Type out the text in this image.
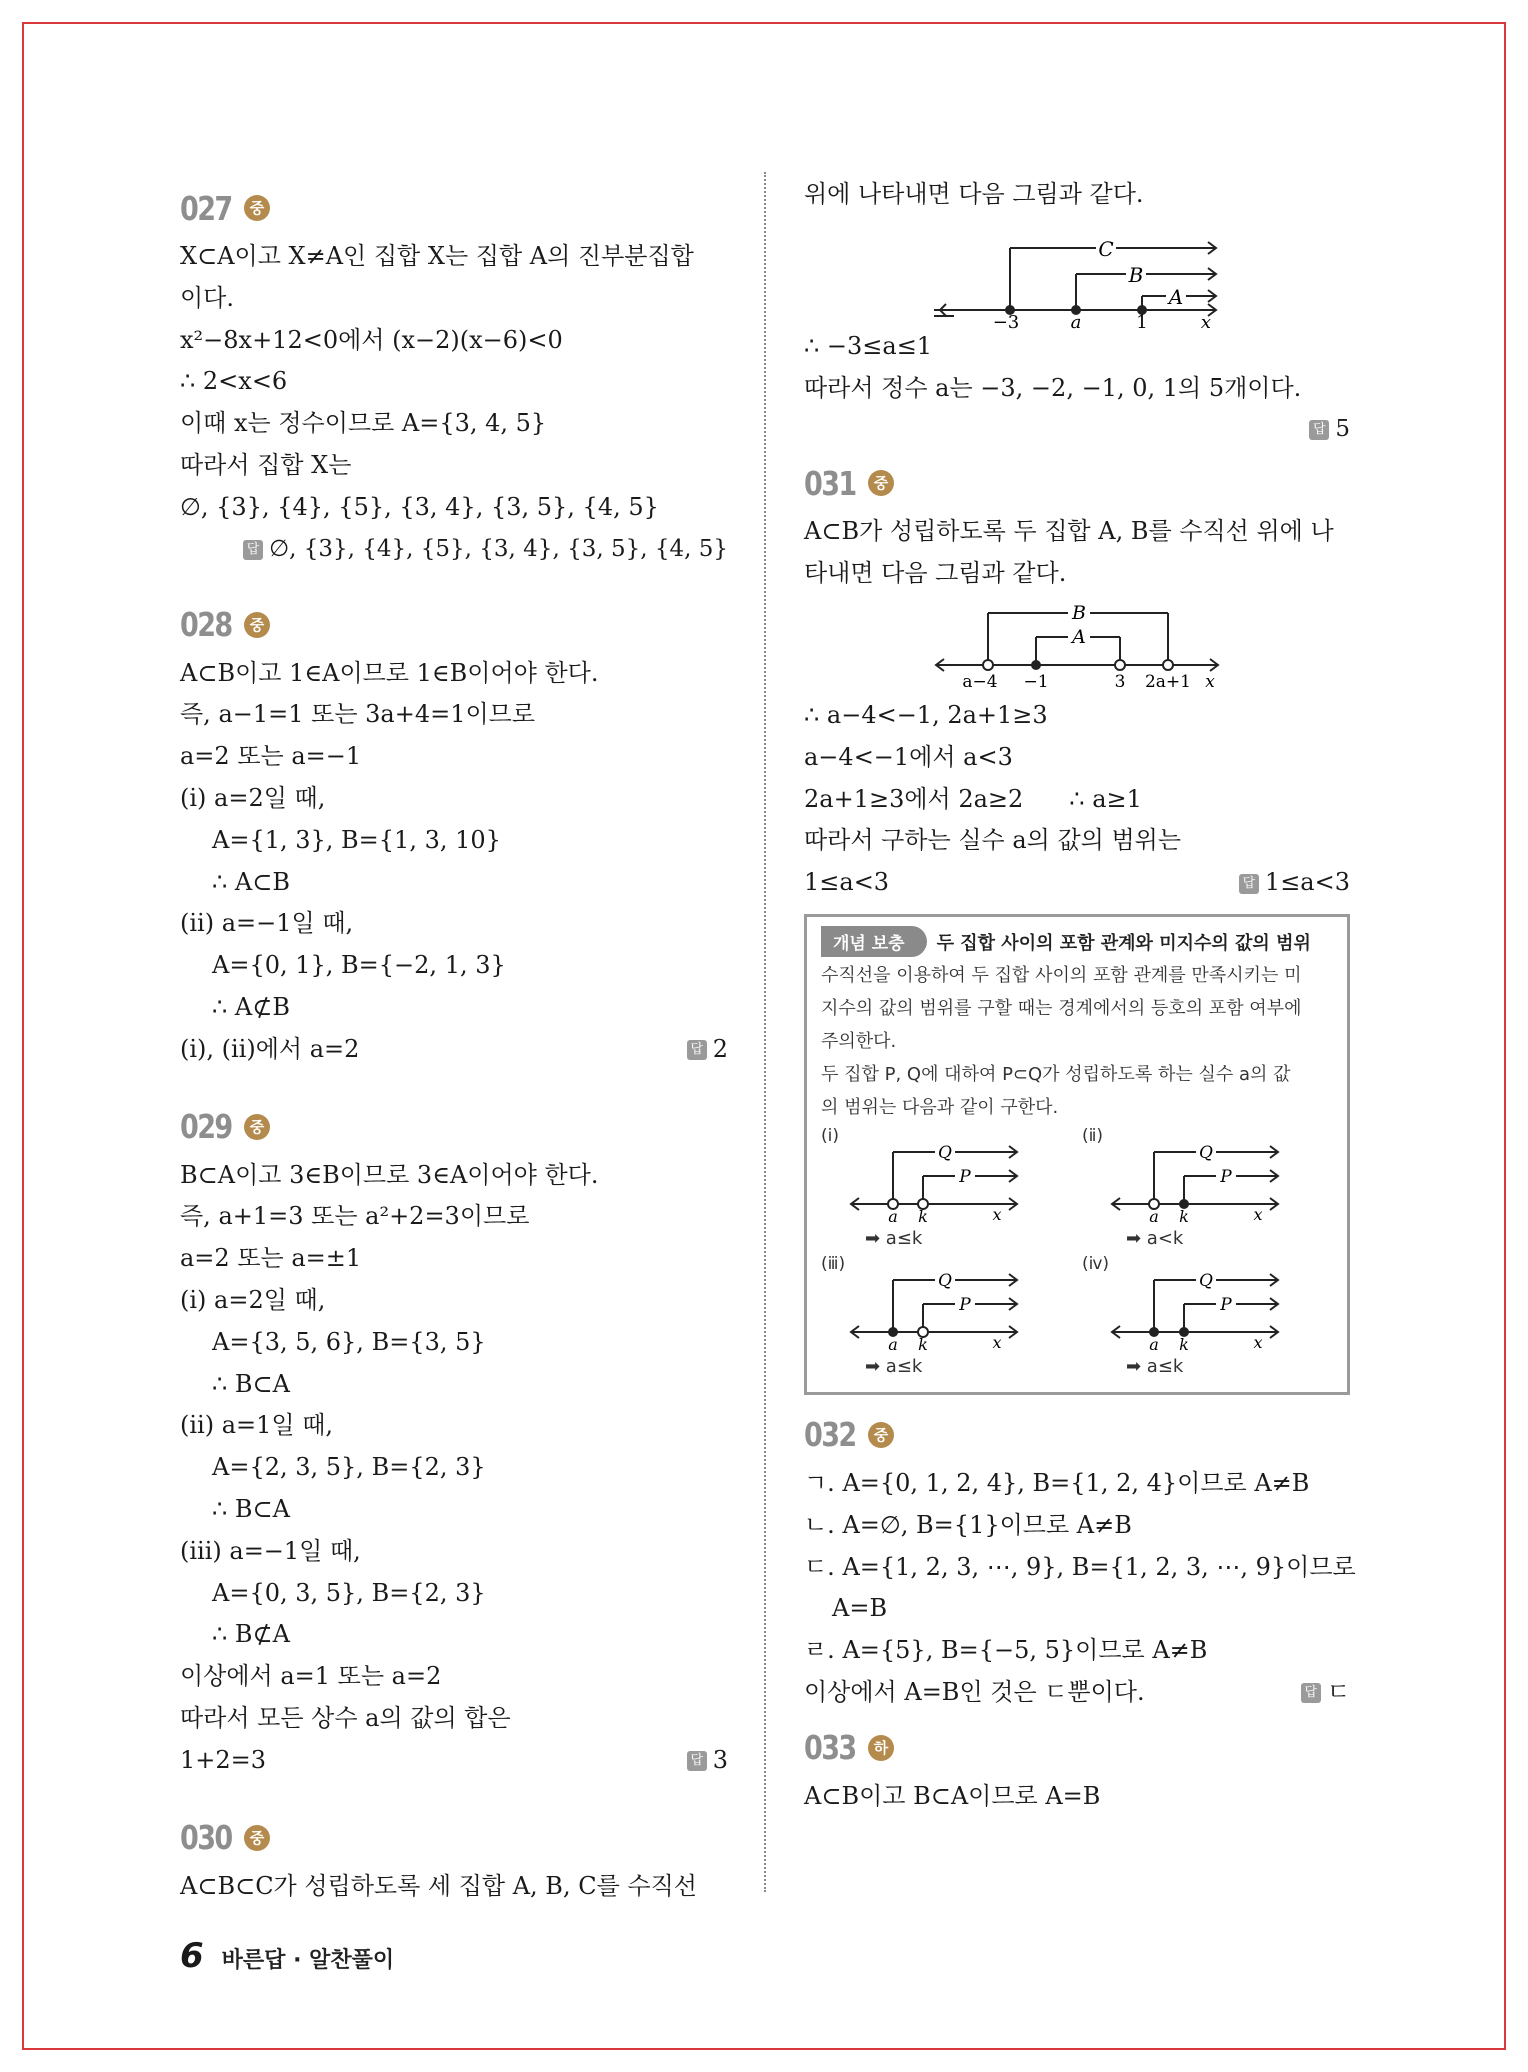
027	중
X⊂A이고 X≠A인 집합 X는 집합 A의 진부분집합
이다.
x²−8x+12<0에서 (x−2)(x−6)<0
∴ 2<x<6
이때 x는 정수이므로 A={3, 4, 5}
따라서 집합 X는
∅, {3}, {4}, {5}, {3, 4}, {3, 5}, {4, 5}
답 ∅, {3}, {4}, {5}, {3, 4}, {3, 5}, {4, 5}
028	중
A⊂B이고 1∈A이므로 1∈B이어야 한다.
즉, a−1=1 또는 3a+4=1이므로
a=2 또는 a=−1
(ⅰ) a=2일 때,
A={1, 3}, B={1, 3, 10}
∴ A⊂B
(ⅱ) a=−1일 때,
A={0, 1}, B={−2, 1, 3}
∴ A⊄B
(ⅰ), (ⅱ)에서 a=2	답 2
029	중
B⊂A이고 3∈B이므로 3∈A이어야 한다.
즉, a+1=3 또는 a²+2=3이므로
a=2 또는 a=±1
(ⅰ) a=2일 때,
A={3, 5, 6}, B={3, 5}
∴ B⊂A
(ⅱ) a=1일 때,
A={2, 3, 5}, B={2, 3}
∴ B⊂A
(ⅲ) a=−1일 때,
A={0, 3, 5}, B={2, 3}
∴ B⊄A
이상에서 a=1 또는 a=2
따라서 모든 상수 a의 값의 합은
1+2=3	답 3
030	중
A⊂B⊂C가 성립하도록 세 집합 A, B, C를 수직선
위에 나타내면 다음 그림과 같다.
C
B
A
−3	a	1	x
∴ −3≤a≤1
따라서 정수 a는 −3, −2, −1, 0, 1의 5개이다.
답 5
031	중
A⊂B가 성립하도록 두 집합 A, B를 수직선 위에 나
타내면 다음 그림과 같다.
B
A
a−4 −1	3 2a+1 x
∴ a−4<−1, 2a+1≥3
a−4<−1에서 a<3
2a+1≥3에서 2a≥2 ∴ a≥1
따라서 구하는 실수 a의 값의 범위는
1≤a<3	답 1≤a<3
개념 보충	두 집합 사이의 포함 관계와 미지수의 값의 범위
수직선을 이용하여 두 집합 사이의 포함 관계를 만족시키는 미
지수의 값의 범위를 구할 때는 경계에서의 등호의 포함 여부에
주의한다.
두 집합 P, Q에 대하여 P⊂Q가 성립하도록 하는 실수 a의 값
의 범위는 다음과 같이 구한다.
(ⅰ)
Q
P
a k	x
➡ a≤k
(ⅱ)
Q
P
a k	x
➡ a<k
(ⅲ)
Q
P
a k	x
➡ a≤k
(ⅳ)
Q
P
a k	x
➡ a≤k
032	중
ㄱ. A={0, 1, 2, 4}, B={1, 2, 4}이므로 A≠B
ㄴ. A=∅, B={1}이므로 A≠B
ㄷ. A={1, 2, 3, ⋯, 9}, B={1, 2, 3, ⋯, 9}이므로
A=B
ㄹ. A={5}, B={−5, 5}이므로 A≠B
이상에서 A=B인 것은 ㄷ뿐이다.	답 ㄷ
033	하
A⊂B이고 B⊂A이므로 A=B
6 바른답 · 알찬풀이
